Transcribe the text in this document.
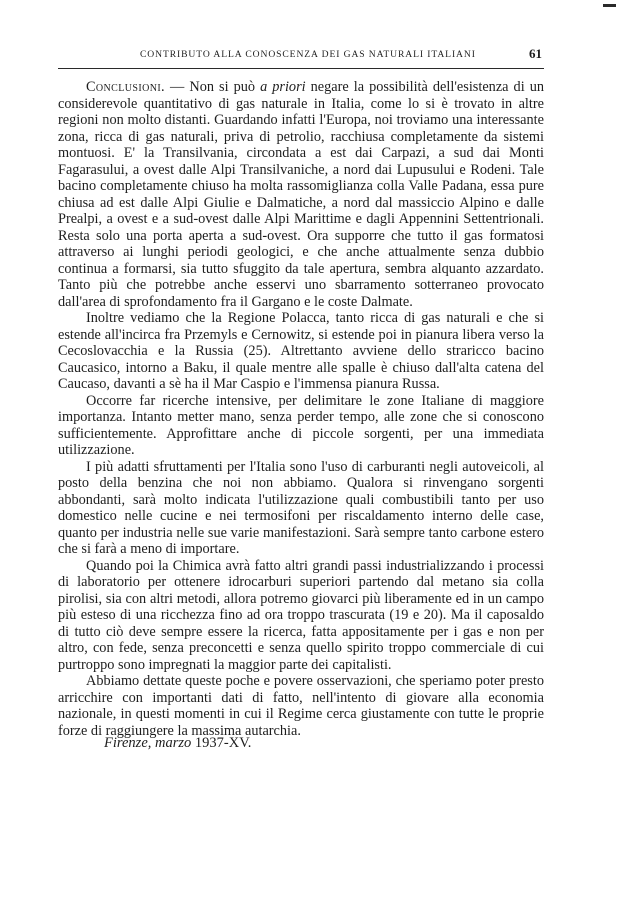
CONTRIBUTO ALLA CONOSCENZA DEI GAS NATURALI ITALIANI	61

Conclusioni. — Non si può a priori negare la possibilità dell'esistenza di un considerevole quantitativo di gas naturale in Italia, come lo si è trovato in altre regioni non molto distanti. Guardando infatti l'Europa, noi troviamo una interessante zona, ricca di gas naturali, priva di petrolio, racchiusa completamente da sistemi montuosi. E' la Transilvania, circondata a est dai Carpazi, a sud dai Monti Fagarasului, a ovest dalle Alpi Transilvaniche, a nord dai Lupusului e Rodeni. Tale bacino completamente chiuso ha molta rassomiglianza colla Valle Padana, essa pure chiusa ad est dalle Alpi Giulie e Dalmatiche, a nord dal massiccio Alpino e dalle Prealpi, a ovest e a sud-ovest dalle Alpi Marittime e dagli Appennini Settentrionali. Resta solo una porta aperta a sud-ovest. Ora supporre che tutto il gas formatosi attraverso ai lunghi periodi geologici, e che anche attualmente senza dubbio continua a formarsi, sia tutto sfuggito da tale apertura, sembra alquanto azzardato. Tanto più che potrebbe anche esservi uno sbarramento sotterraneo provocato dall'area di sprofondamento fra il Gargano e le coste Dalmate.

Inoltre vediamo che la Regione Polacca, tanto ricca di gas naturali e che si estende all'incirca fra Przemyls e Cernowitz, si estende poi in pianura libera verso la Cecoslovacchia e la Russia (25). Altrettanto avviene dello straricco bacino Caucasico, intorno a Baku, il quale mentre alle spalle è chiuso dall'alta catena del Caucaso, davanti a sè ha il Mar Caspio e l'immensa pianura Russa.

Occorre far ricerche intensive, per delimitare le zone Italiane di maggiore importanza. Intanto metter mano, senza perder tempo, alle zone che si conoscono sufficientemente. Approfittare anche di piccole sorgenti, per una immediata utilizzazione.

I più adatti sfruttamenti per l'Italia sono l'uso di carburanti negli autoveicoli, al posto della benzina che noi non abbiamo. Qualora si rinvengano sorgenti abbondanti, sarà molto indicata l'utilizzazione quali combustibili tanto per uso domestico nelle cucine e nei termosifoni per riscaldamento interno delle case, quanto per industria nelle sue varie manifestazioni. Sarà sempre tanto carbone estero che si farà a meno di importare.

Quando poi la Chimica avrà fatto altri grandi passi industrializzando i processi di laboratorio per ottenere idrocarburi superiori partendo dal metano sia colla pirolisi, sia con altri metodi, allora potremo giovarci più liberamente ed in un campo più esteso di una ricchezza fino ad ora troppo trascurata (19 e 20). Ma il caposaldo di tutto ciò deve sempre essere la ricerca, fatta appositamente per i gas e non per altro, con fede, senza preconcetti e senza quello spirito troppo commerciale di cui purtroppo sono impregnati la maggior parte dei capitalisti.

Abbiamo dettate queste poche e povere osservazioni, che speriamo poter presto arricchire con importanti dati di fatto, nell'intento di giovare alla economia nazionale, in questi momenti in cui il Regime cerca giustamente con tutte le proprie forze di raggiungere la massima autarchia.

Firenze, marzo 1937-XV.
